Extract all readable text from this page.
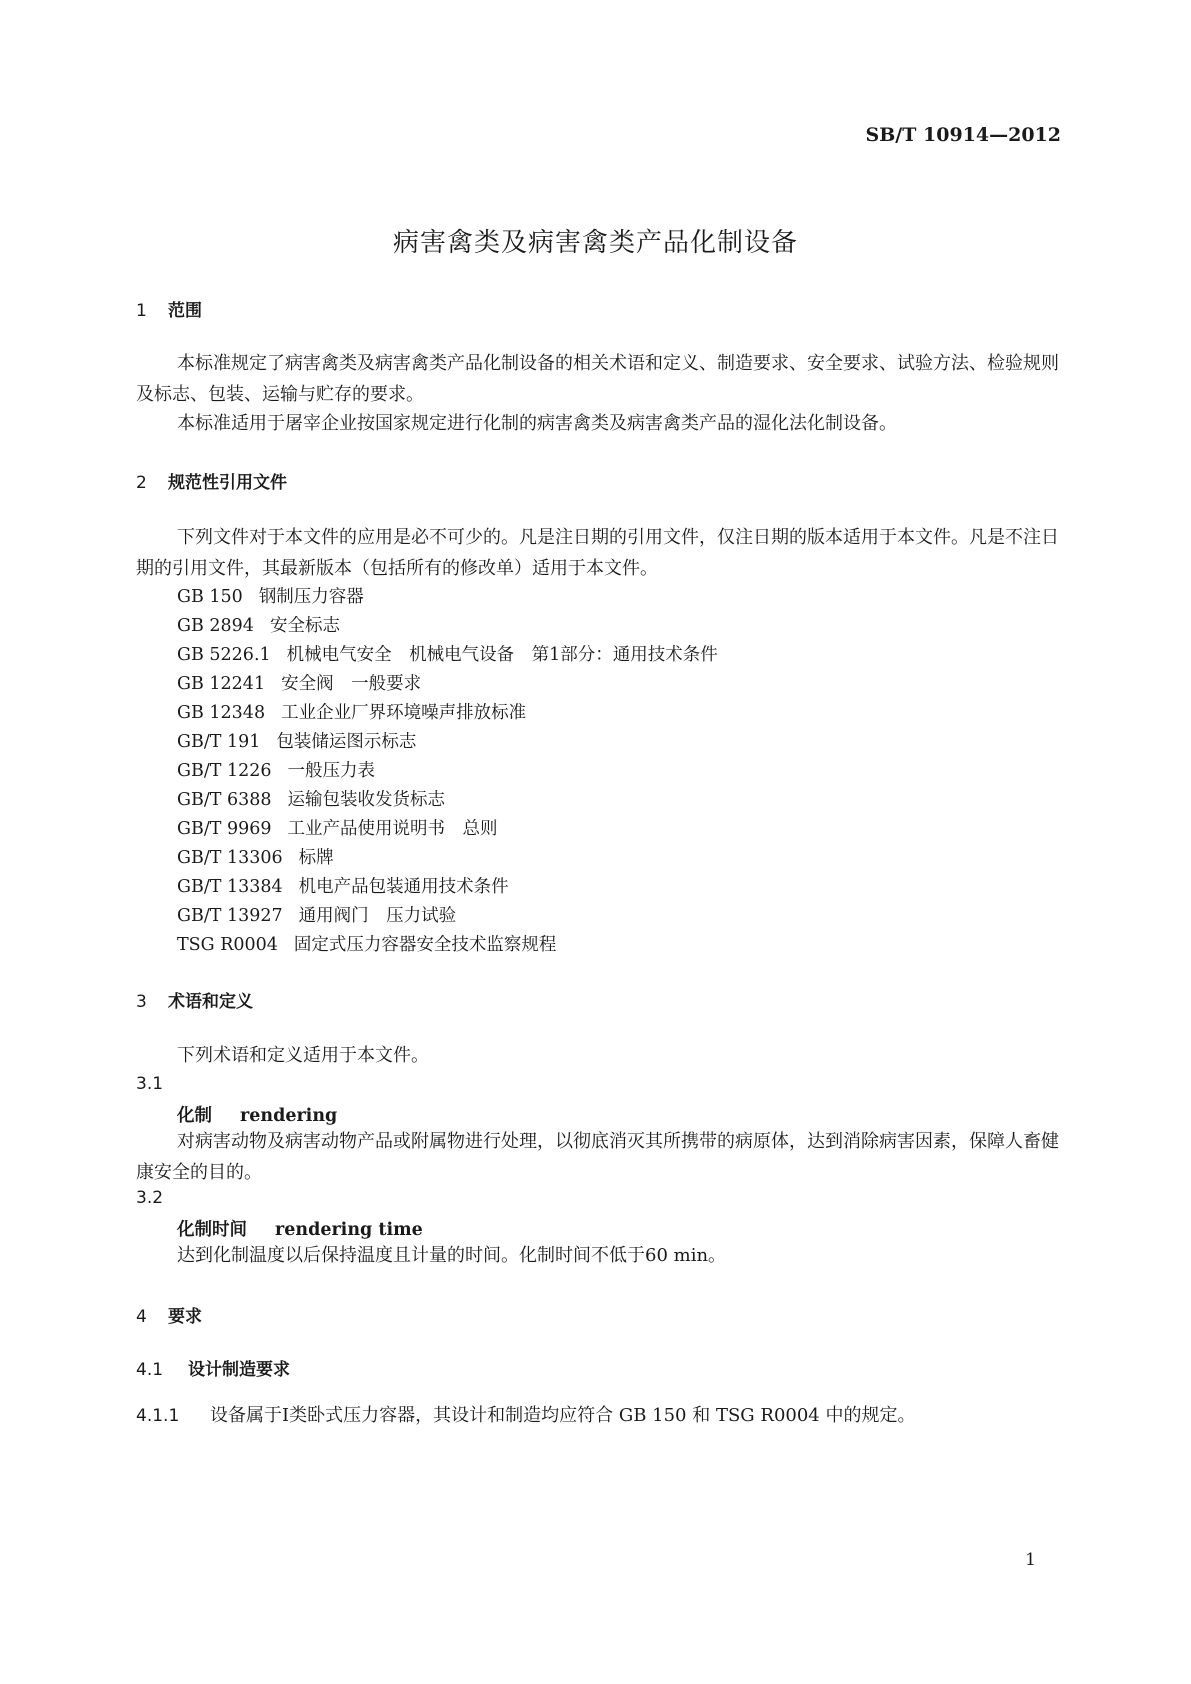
SB/T 10914—2012
病害禽类及病害禽类产品化制设备
1 范围
本标准规定了病害禽类及病害禽类产品化制设备的相关术语和定义、制造要求、安全要求、试验方法、检验规则及标志、包装、运输与贮存的要求。
本标准适用于屠宰企业按国家规定进行化制的病害禽类及病害禽类产品的湿化法化制设备。
2 规范性引用文件
下列文件对于本文件的应用是必不可少的。凡是注日期的引用文件，仅注日期的版本适用于本文件。凡是不注日期的引用文件，其最新版本（包括所有的修改单）适用于本文件。
GB 150 钢制压力容器
GB 2894 安全标志
GB 5226.1 机械电气安全　机械电气设备　第1部分：通用技术条件
GB 12241 安全阀　一般要求
GB 12348 工业企业厂界环境噪声排放标准
GB/T 191 包装储运图示标志
GB/T 1226 一般压力表
GB/T 6388 运输包装收发货标志
GB/T 9969 工业产品使用说明书　总则
GB/T 13306 标牌
GB/T 13384 机电产品包装通用技术条件
GB/T 13927 通用阀门　压力试验
TSG R0004 固定式压力容器安全技术监察规程
3 术语和定义
下列术语和定义适用于本文件。
3.1
化制 rendering
对病害动物及病害动物产品或附属物进行处理，以彻底消灭其所携带的病原体，达到消除病害因素，保障人畜健康安全的目的。
3.2
化制时间 rendering time
达到化制温度以后保持温度且计量的时间。化制时间不低于60 min。
4 要求
4.1 设计制造要求
4.1.1 设备属于Ⅰ类卧式压力容器，其设计和制造均应符合 GB 150 和 TSG R0004 中的规定。
1
